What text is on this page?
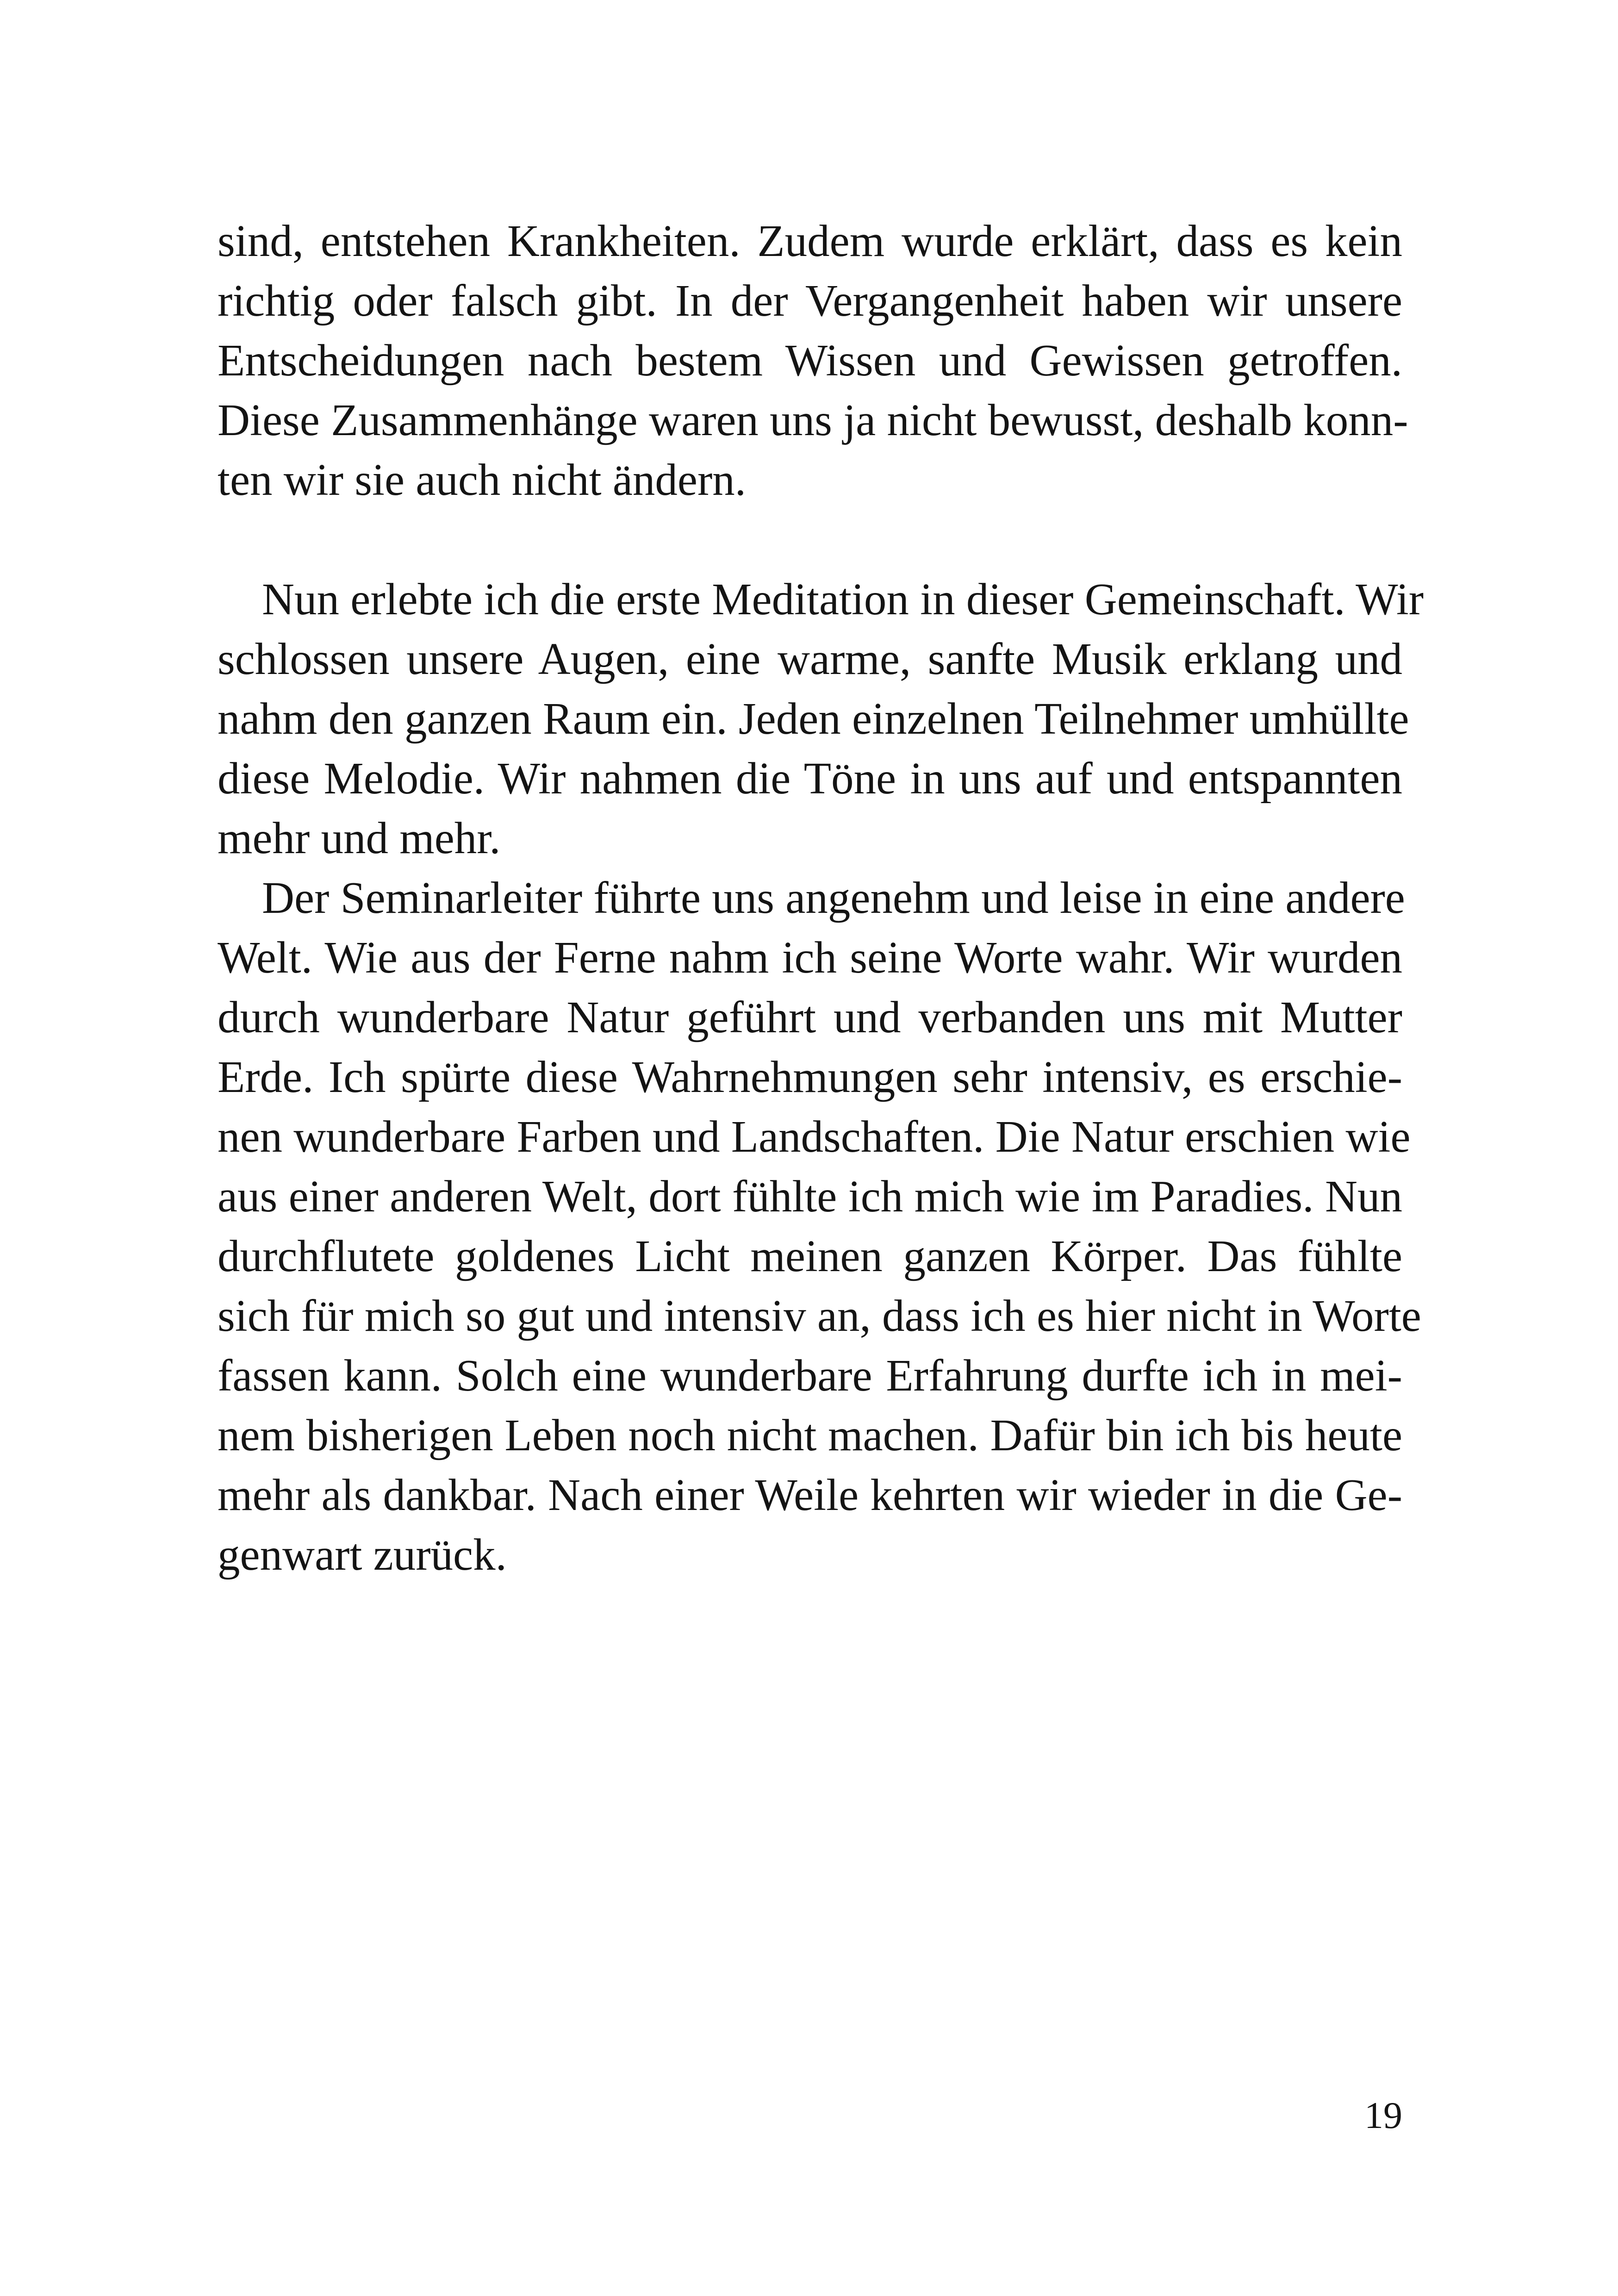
sind, entstehen Krankheiten. Zudem wurde erklärt, dass es kein
richtig oder falsch gibt. In der Vergangenheit haben wir unsere
Entscheidungen nach bestem Wissen und Gewissen getroffen.
Diese Zusammenhänge waren uns ja nicht bewusst, deshalb konn-
ten wir sie auch nicht ändern.
Nun erlebte ich die erste Meditation in dieser Gemeinschaft. Wir
schlossen unsere Augen, eine warme, sanfte Musik erklang und
nahm den ganzen Raum ein. Jeden einzelnen Teilnehmer umhüllte
diese Melodie. Wir nahmen die Töne in uns auf und entspannten
mehr und mehr.
Der Seminarleiter führte uns angenehm und leise in eine andere
Welt. Wie aus der Ferne nahm ich seine Worte wahr. Wir wurden
durch wunderbare Natur geführt und verbanden uns mit Mutter
Erde. Ich spürte diese Wahrnehmungen sehr intensiv, es erschie-
nen wunderbare Farben und Landschaften. Die Natur erschien wie
aus einer anderen Welt, dort fühlte ich mich wie im Paradies. Nun
durchflutete goldenes Licht meinen ganzen Körper. Das fühlte
sich für mich so gut und intensiv an, dass ich es hier nicht in Worte
fassen kann. Solch eine wunderbare Erfahrung durfte ich in mei-
nem bisherigen Leben noch nicht machen. Dafür bin ich bis heute
mehr als dankbar. Nach einer Weile kehrten wir wieder in die Ge-
genwart zurück.
19
